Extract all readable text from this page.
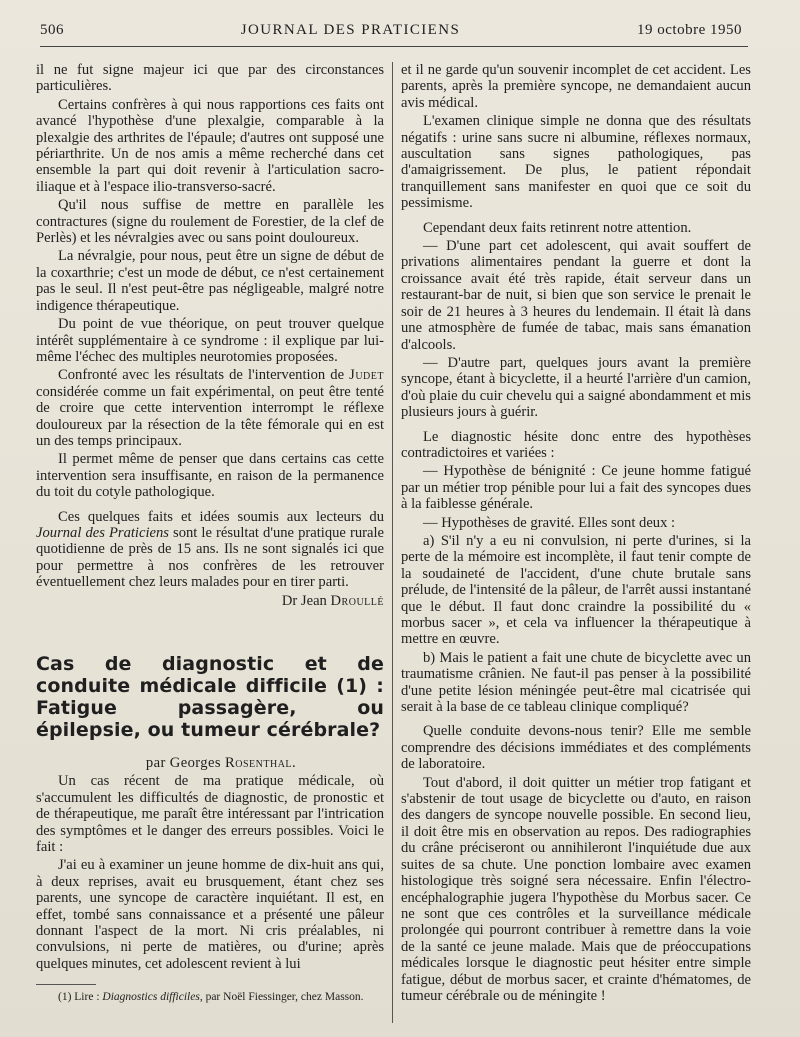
506	JOURNAL DES PRATICIENS	19 octobre 1950

il ne fut signe majeur ici que par des circonstances particulières.

Certains confrères à qui nous rapportions ces faits ont avancé l'hypothèse d'une plexalgie, comparable à la plexalgie des arthrites de l'épaule; d'autres ont supposé une périarthrite. Un de nos amis a même recherché dans cet ensemble la part qui doit revenir à l'articulation sacro-iliaque et à l'espace ilio-transverso-sacré.

Qu'il nous suffise de mettre en parallèle les contractures (signe du roulement de Forestier, de la clef de Perlès) et les névralgies avec ou sans point douloureux.

La névralgie, pour nous, peut être un signe de début de la coxarthrie; c'est un mode de début, ce n'est certainement pas le seul. Il n'est peut-être pas négligeable, malgré notre indigence thérapeutique.

Du point de vue théorique, on peut trouver quelque intérêt supplémentaire à ce syndrome : il explique par lui-même l'échec des multiples neurotomies proposées.

Confronté avec les résultats de l'intervention de Judet considérée comme un fait expérimental, on peut être tenté de croire que cette intervention interrompt le réflexe douloureux par la résection de la tête fémorale qui en est un des temps principaux.

Il permet même de penser que dans certains cas cette intervention sera insuffisante, en raison de la permanence du toit du cotyle pathologique.

Ces quelques faits et idées soumis aux lecteurs du Journal des Praticiens sont le résultat d'une pratique rurale quotidienne de près de 15 ans. Ils ne sont signalés ici que pour permettre à nos confrères de les retrouver éventuellement chez leurs malades pour en tirer parti.

Dr Jean Droullé

Cas de diagnostic et de conduite médicale difficile (1) : Fatigue passagère, ou épilepsie, ou tumeur cérébrale?

par Georges Rosenthal.

Un cas récent de ma pratique médicale, où s'accumulent les difficultés de diagnostic, de pronostic et de thérapeutique, me paraît être intéressant par l'intrication des symptômes et le danger des erreurs possibles. Voici le fait :

J'ai eu à examiner un jeune homme de dix-huit ans qui, à deux reprises, avait eu brusquement, étant chez ses parents, une syncope de caractère inquiétant. Il est, en effet, tombé sans connaissance et a présenté une pâleur donnant l'aspect de la mort. Ni cris préalables, ni convulsions, ni perte de matières, ou d'urine; après quelques minutes, cet adolescent revient à lui

(1) Lire : Diagnostics difficiles, par Noël Fiessinger, chez Masson.

et il ne garde qu'un souvenir incomplet de cet accident. Les parents, après la première syncope, ne demandaient aucun avis médical.

L'examen clinique simple ne donna que des résultats négatifs : urine sans sucre ni albumine, réflexes normaux, auscultation sans signes pathologiques, pas d'amaigrissement. De plus, le patient répondait tranquillement sans manifester en quoi que ce soit du pessimisme.

Cependant deux faits retinrent notre attention.

— D'une part cet adolescent, qui avait souffert de privations alimentaires pendant la guerre et dont la croissance avait été très rapide, était serveur dans un restaurant-bar de nuit, si bien que son service le prenait le soir de 21 heures à 3 heures du lendemain. Il était là dans une atmosphère de fumée de tabac, mais sans émanation d'alcools.

— D'autre part, quelques jours avant la première syncope, étant à bicyclette, il a heurté l'arrière d'un camion, d'où plaie du cuir chevelu qui a saigné abondamment et mis plusieurs jours à guérir.

Le diagnostic hésite donc entre des hypothèses contradictoires et variées :

— Hypothèse de bénignité : Ce jeune homme fatigué par un métier trop pénible pour lui a fait des syncopes dues à la faiblesse générale.

— Hypothèses de gravité. Elles sont deux :

a) S'il n'y a eu ni convulsion, ni perte d'urines, si la perte de la mémoire est incomplète, il faut tenir compte de la soudaineté de l'accident, d'une chute brutale sans prélude, de l'intensité de la pâleur, de l'arrêt aussi instantané que le début. Il faut donc craindre la possibilité du « morbus sacer », et cela va influencer la thérapeutique à mettre en œuvre.

b) Mais le patient a fait une chute de bicyclette avec un traumatisme crânien. Ne faut-il pas penser à la possibilité d'une petite lésion méningée peut-être mal cicatrisée qui serait à la base de ce tableau clinique compliqué?

Quelle conduite devons-nous tenir? Elle me semble comprendre des décisions immédiates et des compléments de laboratoire.

Tout d'abord, il doit quitter un métier trop fatigant et s'abstenir de tout usage de bicyclette ou d'auto, en raison des dangers de syncope nouvelle possible. En second lieu, il doit être mis en observation au repos. Des radiographies du crâne préciseront ou annihileront l'inquiétude due aux suites de sa chute. Une ponction lombaire avec examen histologique très soigné sera nécessaire. Enfin l'électro-encéphalographie jugera l'hypothèse du Morbus sacer. Ce ne sont que ces contrôles et la surveillance médicale prolongée qui pourront contribuer à remettre dans la voie de la santé ce jeune malade. Mais que de préoccupations médicales lorsque le diagnostic peut hésiter entre simple fatigue, début de morbus sacer, et crainte d'hématomes, de tumeur cérébrale ou de méningite !
